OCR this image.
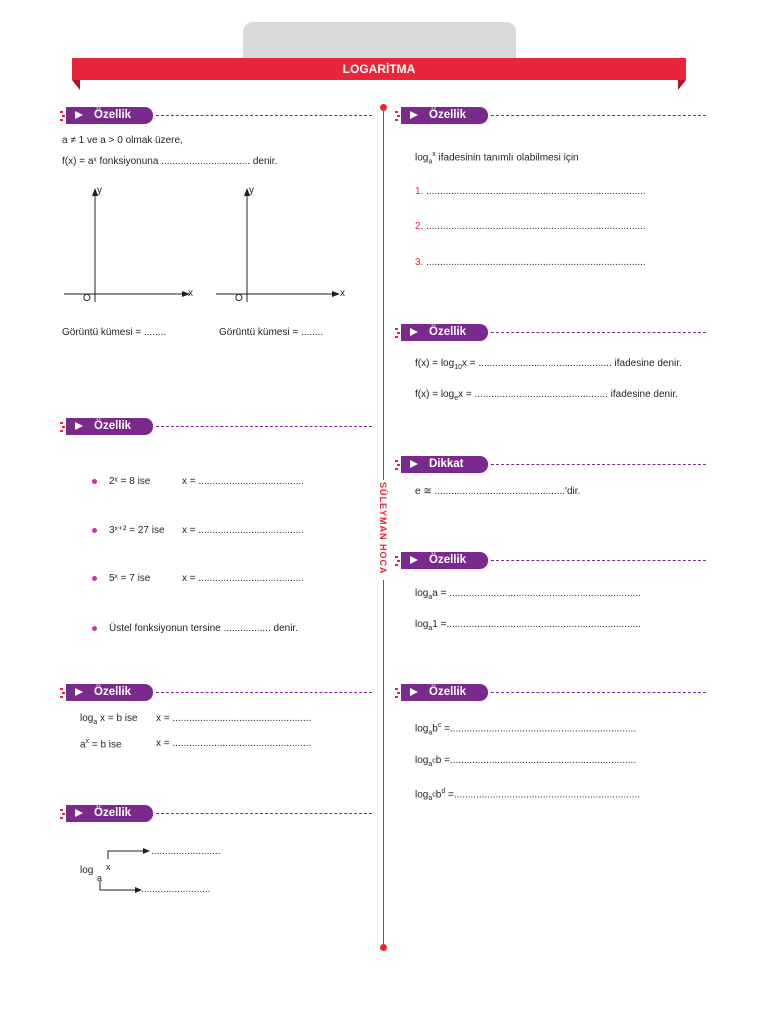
LOGARİTMA
SÜLEYMAN HOCA
Özellik
a ≠ 1 ve a > 0 olmak üzere,
f(x) = aˣ fonksiyonuna ................................ denir.
y
x
O
y
x
O
Görüntü kümesi = ........	Görüntü kümesi = ........
Özellik
2ˣ = 8 ise	x = ......................................
3ˣ⁺² = 27 ise x = ......................................
5ˣ = 7 ise	x = ......................................
Üstel fonksiyonun tersine ................. denir.
Özellik
$\log_a x = b$ ise x = ..................................................
$a^x = b$ ise	x = ..................................................
Özellik
log
a
x
.........................
.........................
Özellik
$\log_a^x$ ifadesinin tanımlı olabilmesi için
1. ...............................................................................
2. ...............................................................................
3. ...............................................................................
Özellik
$f(x) = \log_{10}x$ = ................................................ ifadesine denir.
$f(x) = \log_ex$ = ................................................ ifadesine denir.
Dikkat
e ≅ ...............................................'dir.
Özellik
$\log_aa$ = .....................................................................
$\log_a1$ =......................................................................
Özellik
$\log_ab^c$ =...................................................................
$\log_{a^c}b$ =...................................................................
$\log_{a^c}b^d$ =...................................................................
